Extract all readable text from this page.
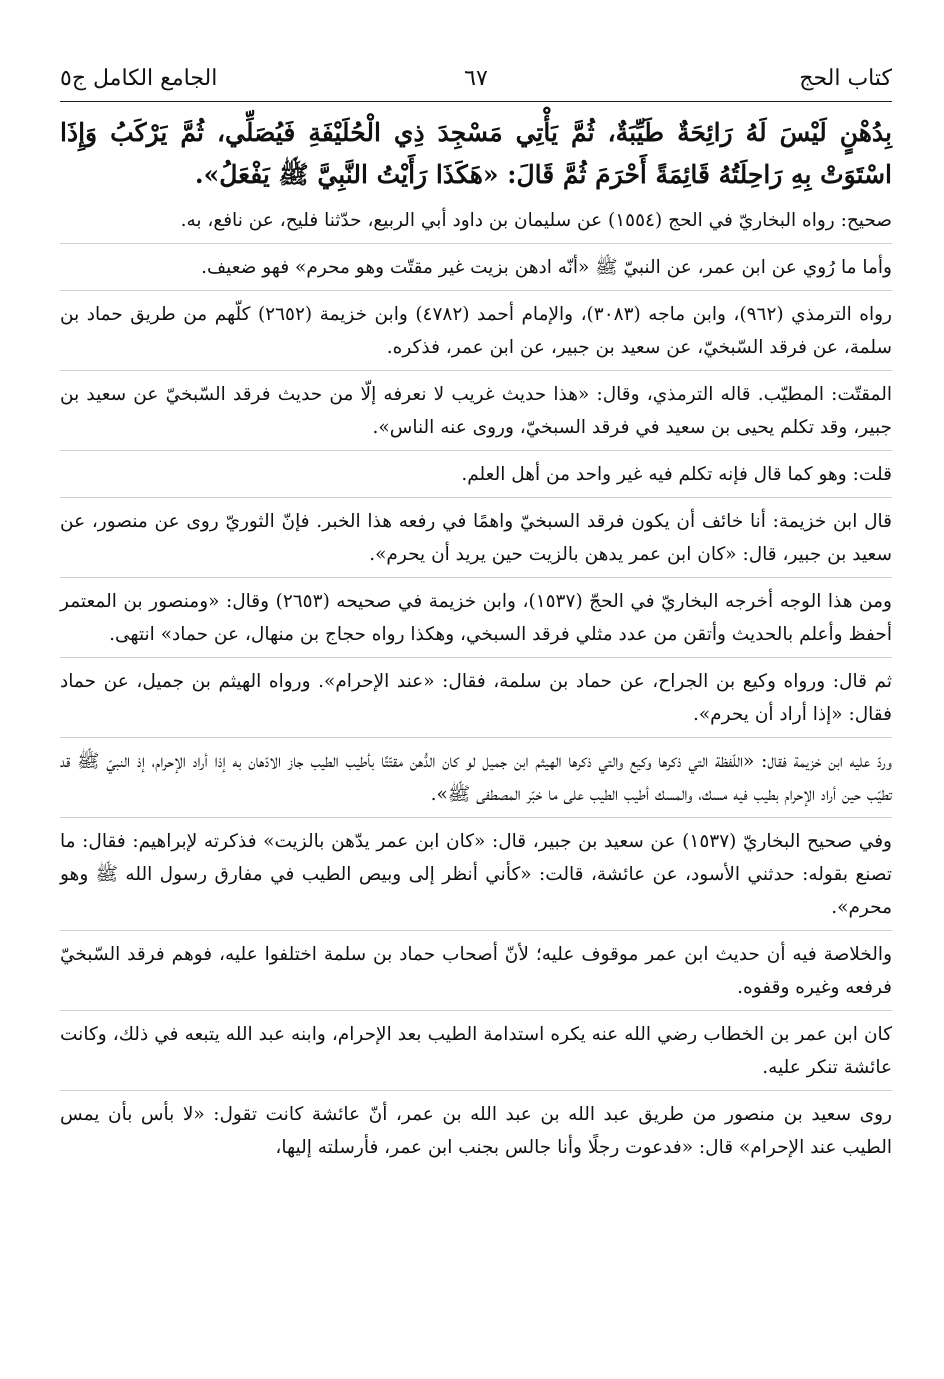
كتاب الحج
٦٧
الجامع الكامل ج٥

بِدُهْنٍ لَيْسَ لَهُ رَائِحَةٌ طَيِّبَةٌ، ثُمَّ يَأْتِي مَسْجِدَ ذِي الْحُلَيْفَةِ فَيُصَلِّي، ثُمَّ يَرْكَبُ وَإِذَا اسْتَوَتْ بِهِ رَاحِلَتُهُ قَائِمَةً أَحْرَمَ ثُمَّ قَالَ: «هَكَذَا رَأَيْتُ النَّبِيَّ ﷺ يَفْعَلُ».

صحيح: رواه البخاريّ في الحج (١٥٥٤) عن سليمان بن داود أبي الربيع، حدّثنا فليح، عن نافع، به.

وأما ما رُوي عن ابن عمر، عن النبيّ ﷺ «أنّه ادهن بزيت غير مقتّت وهو محرم» فهو ضعيف.

رواه الترمذي (٩٦٢)، وابن ماجه (٣٠٨٣)، والإمام أحمد (٤٧٨٢) وابن خزيمة (٢٦٥٢) كلّهم من طريق حماد بن سلمة، عن فرقد السّبخيّ، عن سعيد بن جبير، عن ابن عمر، فذكره.

المقتّت: المطيّب. قاله الترمذي، وقال: «هذا حديث غريب لا نعرفه إلّا من حديث فرقد السّبخيّ عن سعيد بن جبير، وقد تكلم يحيى بن سعيد في فرقد السبخيّ، وروى عنه الناس».

قلت: وهو كما قال فإنه تكلم فيه غير واحد من أهل العلم.

قال ابن خزيمة: أنا خائف أن يكون فرقد السبخيّ واهمًا في رفعه هذا الخبر. فإنّ الثوريّ روى عن منصور، عن سعيد بن جبير، قال: «كان ابن عمر يدهن بالزيت حين يريد أن يحرم».

ومن هذا الوجه أخرجه البخاريّ في الحجّ (١٥٣٧)، وابن خزيمة في صحيحه (٢٦٥٣) وقال: «ومنصور بن المعتمر أحفظ وأعلم بالحديث وأتقن من عدد مثلي فرقد السبخي، وهكذا رواه حجاج بن منهال، عن حماد» انتهى.

ثم قال: ورواه وكيع بن الجراح، عن حماد بن سلمة، فقال: «عند الإحرام». ورواه الهيثم بن جميل، عن حماد فقال: «إذا أراد أن يحرم».

وردّ عليه ابن خزيمة فقال: «اللّفظة التي ذكرها وكيع والتي ذكرها الهيثم ابن جميل لو كان الدُّهن مقتّتًا بأطيب الطيب جاز الادّهان به إذا أراد الإحرام، إذ النبيّ ﷺ قد تطيّب حين أراد الإحرام بطيب فيه مسك، والمسك أطيب الطيب على ما خبّر المصطفى ﷺ».

وفي صحيح البخاريّ (١٥٣٧) عن سعيد بن جبير، قال: «كان ابن عمر يدّهن بالزيت» فذكرته لإبراهيم: فقال: ما تصنع بقوله: حدثني الأسود، عن عائشة، قالت: «كأني أنظر إلى وبيص الطيب في مفارق رسول الله ﷺ وهو محرم».

والخلاصة فيه أن حديث ابن عمر موقوف عليه؛ لأنّ أصحاب حماد بن سلمة اختلفوا عليه، فوهم فرقد السّبخيّ فرفعه وغيره وقفوه.

كان ابن عمر بن الخطاب رضي الله عنه يكره استدامة الطيب بعد الإحرام، وابنه عبد الله يتبعه في ذلك، وكانت عائشة تنكر عليه.

روى سعيد بن منصور من طريق عبد الله بن عبد الله بن عمر، أنّ عائشة كانت تقول: «لا بأس بأن يمس الطيب عند الإحرام» قال: «فدعوت رجلًا وأنا جالس بجنب ابن عمر، فأرسلته إليها،
